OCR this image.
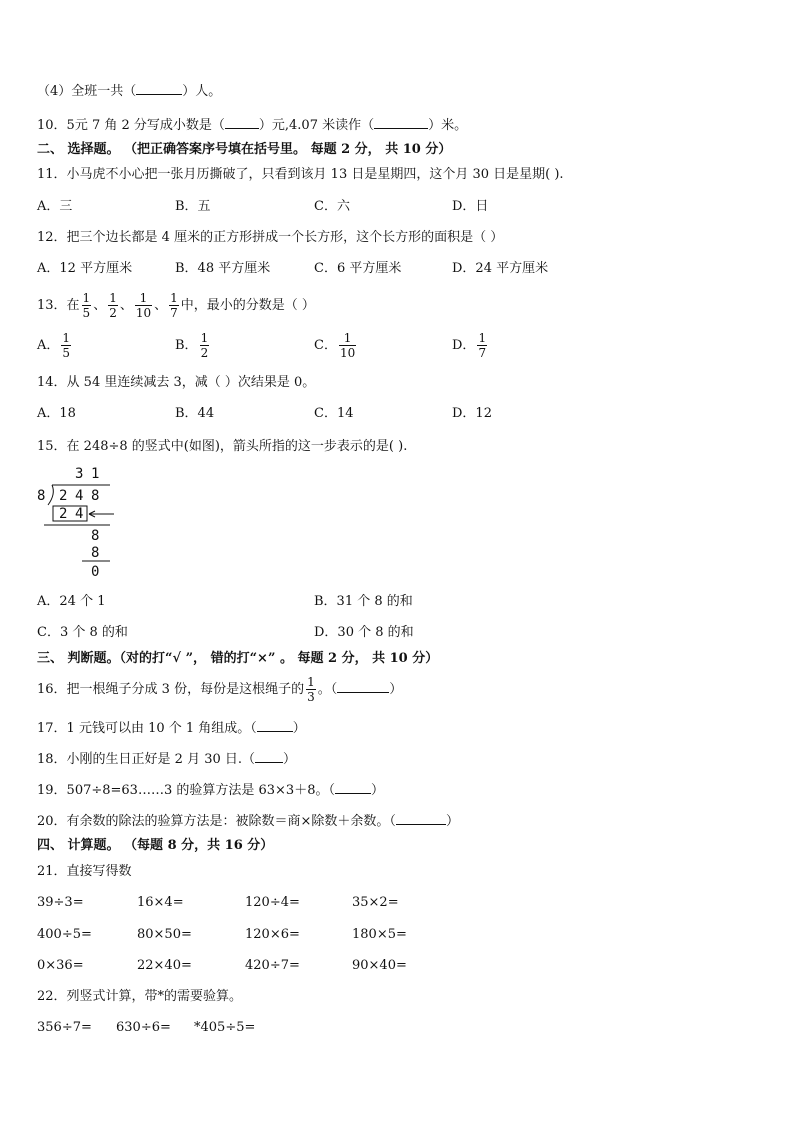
（4）全班一共（	）人。
10．5元 7 角 2 分写成小数是（	）元,4.07 米读作（	）米。
二、 选择题。 （把正确答案序号填在括号里。 每题 2 分， 共 10 分）
11．小马虎不小心把一张月历撕破了，只看到该月 13 日是星期四，这个月 30 日是星期( ).
A．三	B．五	C．六	D．日
12．把三个边长都是 4 厘米的正方形拼成一个长方形，这个长方形的面积是（ ）
A．12 平方厘米	B．48 平方厘米	C．6 平方厘米	D．24 平方厘米
13．在 $\frac{1}{5}$ 、 $\frac{1}{2}$ 、 $\frac{1}{10}$ 、 $\frac{1}{7}$ 中，最小的分数是（ ）
A． $\frac{1}{5}$	B． $\frac{1}{2}$	C． $\frac{1}{10}$	D． $\frac{1}{7}$
14．从 54 里连续减去 3，减（ ）次结果是 0。
A．18	B．44	C．14	D．12
15．在 248÷8 的竖式中(如图)，箭头所指的这一步表示的是( ).
3 1
8 2 4 8
2 4
8
8
0
A．24 个 1	B．31 个 8 的和
C．3 个 8 的和	D．30 个 8 的和
三、 判断题。（对的打“√ ”， 错的打“×” 。 每题 2 分， 共 10 分）
16．把一根绳子分成 3 份，每份是这根绳子的 $\frac{1}{3}$ 。（	）
17．1 元钱可以由 10 个 1 角组成。（	）
18．小刚的生日正好是 2 月 30 日.（ ）
19．507÷8=63……3 的验算方法是 63×3＋8。（	）
20．有余数的除法的验算方法是：被除数＝商×除数＋余数。（	）
四、 计算题。 （每题 8 分，共 16 分）
21．直接写得数
39÷3=	16×4=	120÷4=	35×2=
400÷5=	80×50=	120×6=	180×5=
0×36=	22×40=	420÷7=	90×40=
22．列竖式计算，带*的需要验算。
356÷7= 630÷6= *405÷5=
